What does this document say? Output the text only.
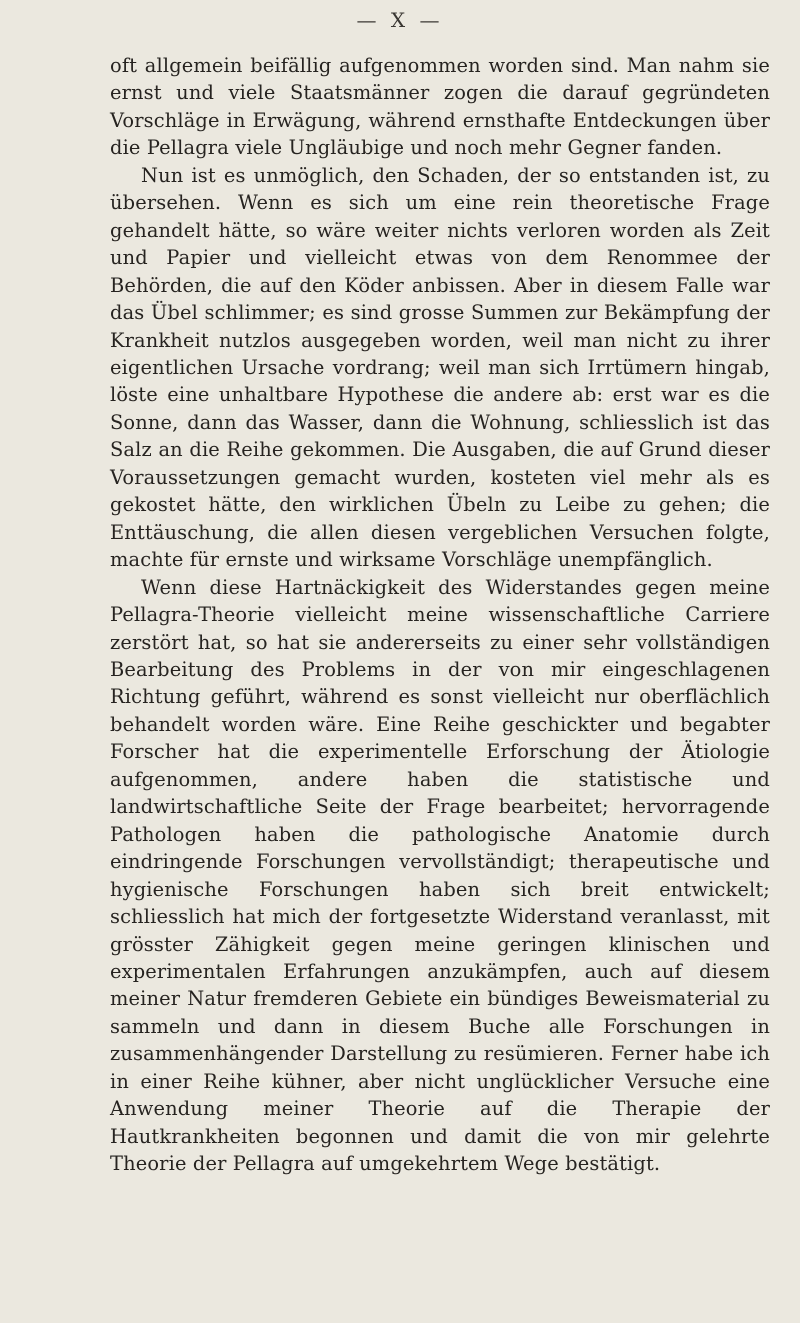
— X —

oft allgemein beifällig aufgenommen worden sind. Man nahm sie ernst und viele Staatsmänner zogen die darauf gegründeten Vorschläge in Erwägung, während ernsthafte Entdeckungen über die Pellagra viele Ungläubige und noch mehr Gegner fanden.

Nun ist es unmöglich, den Schaden, der so entstanden ist, zu übersehen. Wenn es sich um eine rein theoretische Frage gehandelt hätte, so wäre weiter nichts verloren worden als Zeit und Papier und vielleicht etwas von dem Renommee der Behörden, die auf den Köder anbissen. Aber in diesem Falle war das Übel schlimmer; es sind grosse Summen zur Bekämpfung der Krankheit nutzlos ausgegeben worden, weil man nicht zu ihrer eigentlichen Ursache vordrang; weil man sich Irrtümern hingab, löste eine unhaltbare Hypothese die andere ab: erst war es die Sonne, dann das Wasser, dann die Wohnung, schliesslich ist das Salz an die Reihe gekommen. Die Ausgaben, die auf Grund dieser Voraussetzungen gemacht wurden, kosteten viel mehr als es gekostet hätte, den wirklichen Übeln zu Leibe zu gehen; die Enttäuschung, die allen diesen vergeblichen Versuchen folgte, machte für ernste und wirksame Vorschläge unempfänglich.

Wenn diese Hartnäckigkeit des Widerstandes gegen meine Pellagra-Theorie vielleicht meine wissenschaftliche Carriere zerstört hat, so hat sie andererseits zu einer sehr vollständigen Bearbeitung des Problems in der von mir eingeschlagenen Richtung geführt, während es sonst vielleicht nur oberflächlich behandelt worden wäre. Eine Reihe geschickter und begabter Forscher hat die experimentelle Erforschung der Ätiologie aufgenommen, andere haben die statistische und landwirtschaftliche Seite der Frage bearbeitet; hervorragende Pathologen haben die pathologische Anatomie durch eindringende Forschungen vervollständigt; therapeutische und hygienische Forschungen haben sich breit entwickelt; schliesslich hat mich der fortgesetzte Widerstand veranlasst, mit grösster Zähigkeit gegen meine geringen klinischen und experimentalen Erfahrungen anzukämpfen, auch auf diesem meiner Natur fremderen Gebiete ein bündiges Beweismaterial zu sammeln und dann in diesem Buche alle Forschungen in zusammenhängender Darstellung zu resümieren. Ferner habe ich in einer Reihe kühner, aber nicht unglücklicher Versuche eine Anwendung meiner Theorie auf die Therapie der Hautkrankheiten begonnen und damit die von mir gelehrte Theorie der Pellagra auf umgekehrtem Wege bestätigt.
